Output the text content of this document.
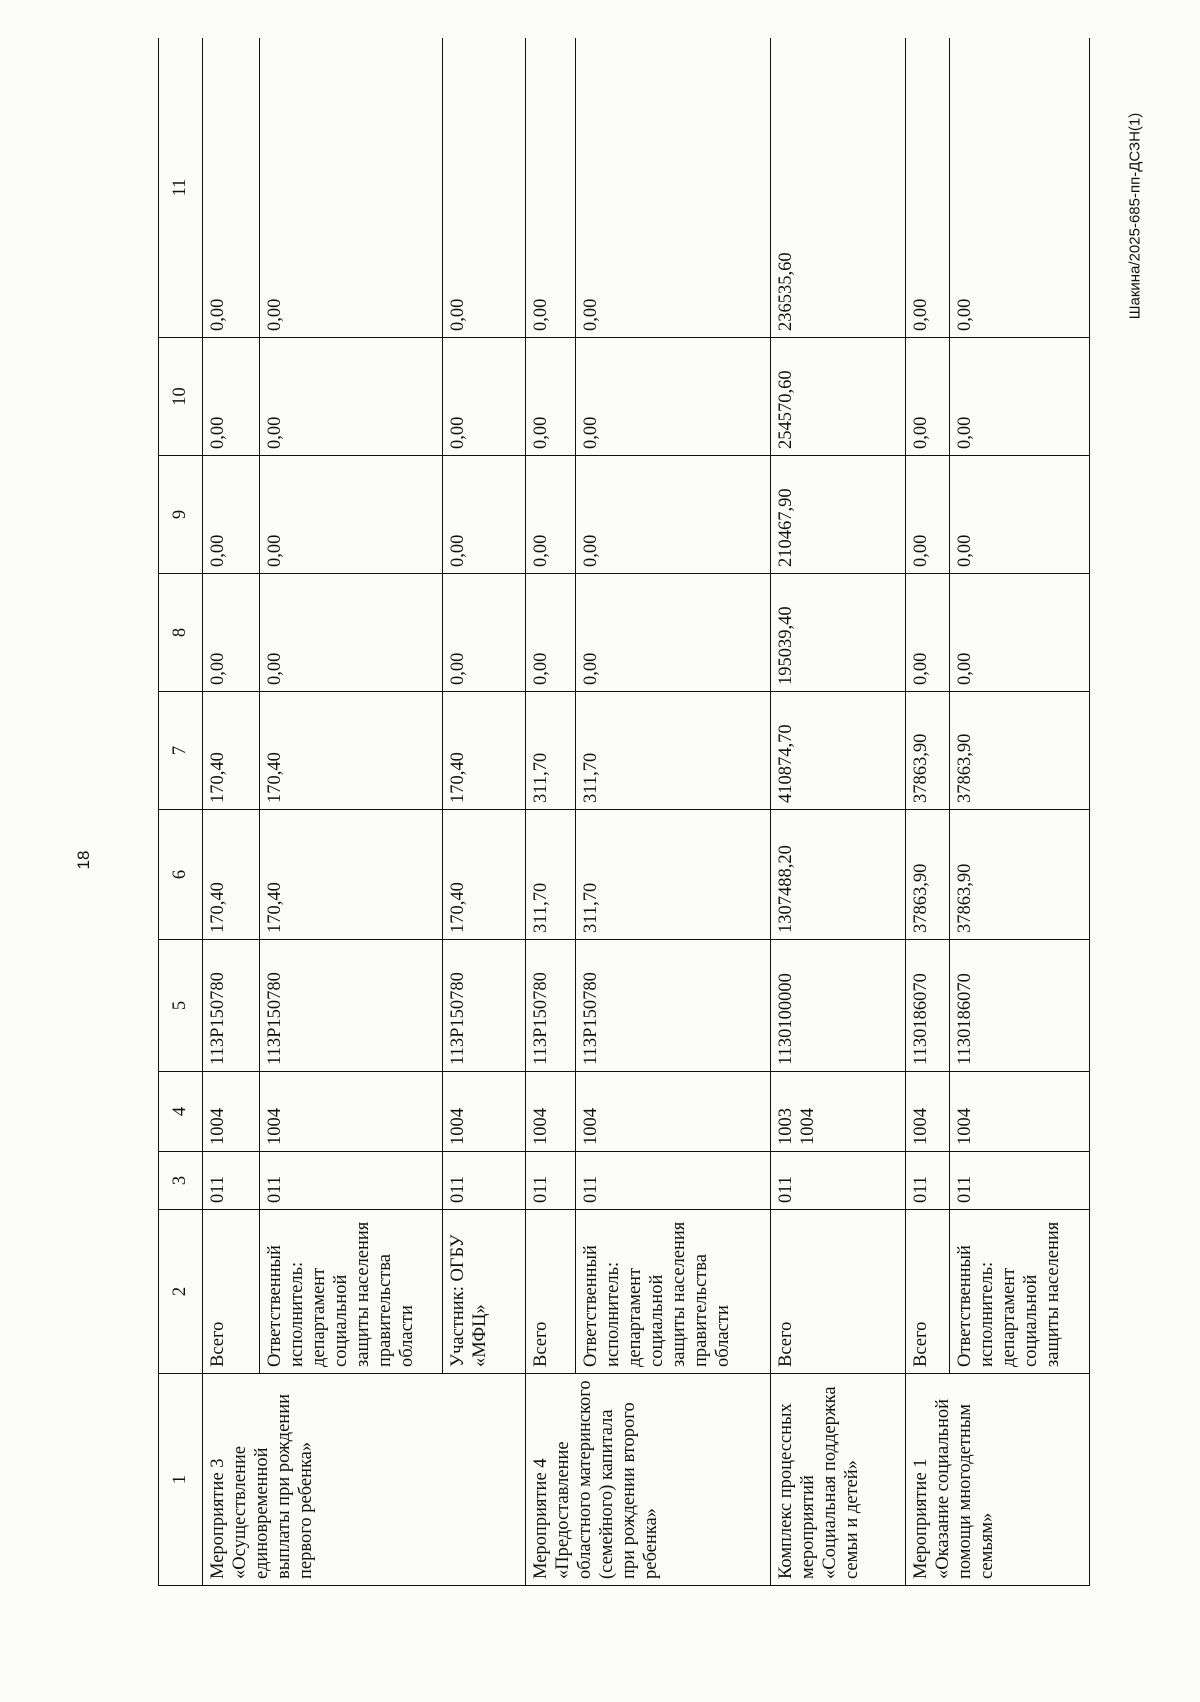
18
Шакина/2025-685-пп-ДСЗН(1)
1	2	3	4	5	6	7	8	9	10	11
Мероприятие 3 «Осуществление единовременной выплаты при рождении первого ребенка»	Всего	011	1004	113Р150780	170,40	170,40	0,00	0,00	0,00	0,00
	Ответственный исполнитель: департамент социальной защиты населения правительства области	011	1004	113Р150780	170,40	170,40	0,00	0,00	0,00	0,00
	Участник: ОГБУ «МФЦ»	011	1004	113Р150780	170,40	170,40	0,00	0,00	0,00	0,00
Мероприятие 4 «Предоставление областного материнского (семейного) капитала при рождении второго ребенка»	Всего	011	1004	113Р150780	311,70	311,70	0,00	0,00	0,00	0,00
	Ответственный исполнитель: департамент социальной защиты населения правительства области	011	1004	113Р150780	311,70	311,70	0,00	0,00	0,00	0,00
Комплекс процессных мероприятий «Социальная поддержка семьи и детей»	Всего	011	1003 1004	1130100000	1307488,20	410874,70	195039,40	210467,90	254570,60	236535,60
Мероприятие 1 «Оказание социальной помощи многодетным семьям»	Всего	011	1004	1130186070	37863,90	37863,90	0,00	0,00	0,00	0,00
	Ответственный исполнитель: департамент социальной защиты населения	011	1004	1130186070	37863,90	37863,90	0,00	0,00	0,00	0,00
